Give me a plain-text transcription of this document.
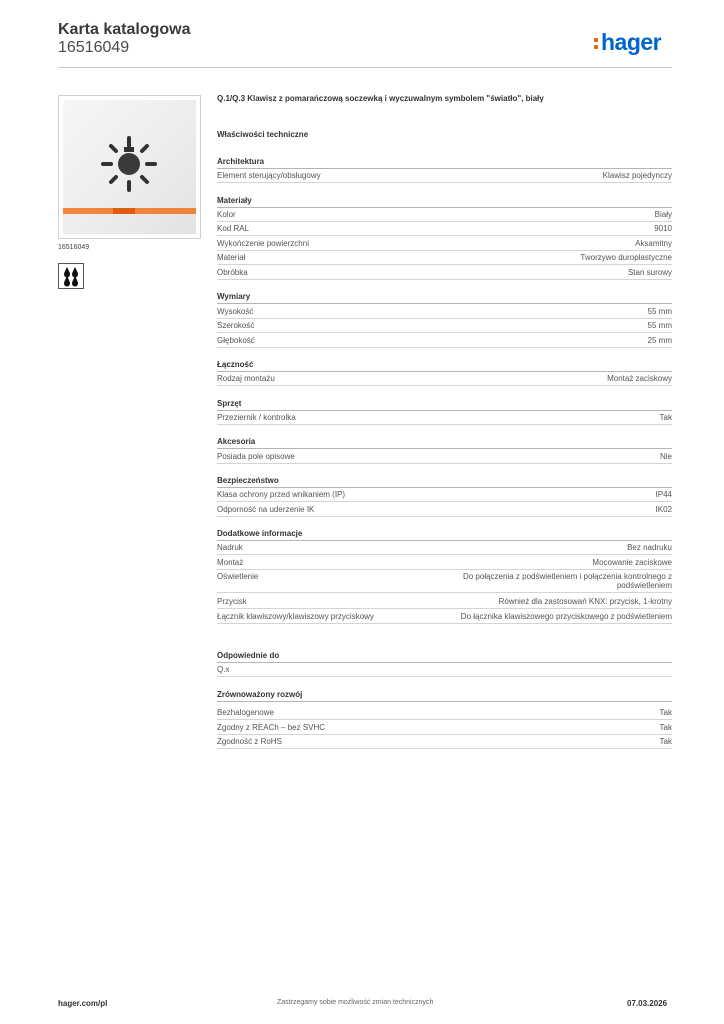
Karta katalogowa
16516049	hager
16516049
Q.1/Q.3 Klawisz z pomarańczową soczewką i wyczuwalnym symbolem "światło", biały
Właściwości techniczne
Architektura
Element sterujący/obsługowy	Klawisz pojedynczy
Materiały
Kolor	Biały
Kod RAL	9010
Wykończenie powierzchni	Aksamitny
Materiał	Tworzywo duroplastyczne
Obróbka	Stan surowy
Wymiary
Wysokość	55 mm
Szerokość	55 mm
Głębokość	25 mm
Łączność
Rodzaj montażu	Montaż zaciskowy
Sprzęt
Przeziernik / kontrolka	Tak
Akcesoria
Posiada pole opisowe	Nie
Bezpieczeństwo
Klasa ochrony przed wnikaniem (IP)	IP44
Odporność na uderzenie IK	IK02
Dodatkowe informacje
Nadruk	Bez nadruku
Montaż	Mocowanie zaciskowe
Oświetlenie	Do połączenia z podświetleniem i połączenia kontrolnego z podświetleniem
Przycisk	Również dla zastosowań KNX: przycisk, 1-krotny
Łącznik klawiszowy/klawiszowy przyciskowy	Do łącznika klawiszowego przyciskowego z podświetleniem
Odpowiednie do
Q.x
Zrównoważony rozwój
Bezhalogenowe	Tak
Zgodny z REACh – bez SVHC	Tak
Zgodność z RoHS	Tak
hager.com/pl	Zastrzegamy sobie możliwość zmian technicznych	07.03.2026
